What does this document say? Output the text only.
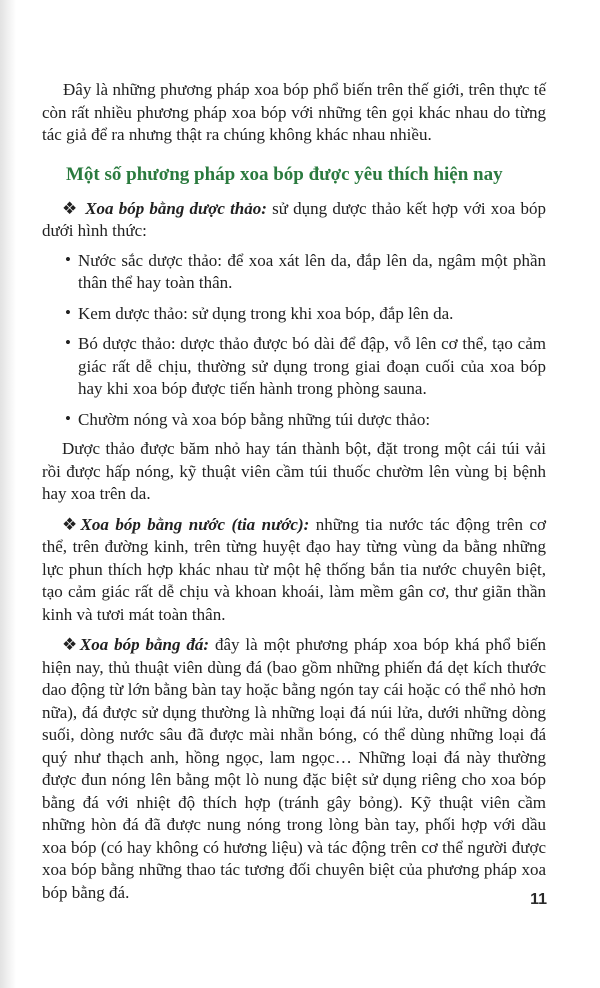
Đây là những phương pháp xoa bóp phổ biến trên thế giới, trên thực tế còn rất nhiều phương pháp xoa bóp với những tên gọi khác nhau do từng tác giả để ra nhưng thật ra chúng không khác nhau nhiều.

Một số phương pháp xoa bóp được yêu thích hiện nay

❖ Xoa bóp bằng dược thảo: sử dụng dược thảo kết hợp với xoa bóp dưới hình thức:

• Nước sắc dược thảo: để xoa xát lên da, đắp lên da, ngâm một phần thân thể hay toàn thân.
• Kem dược thảo: sử dụng trong khi xoa bóp, đắp lên da.
• Bó dược thảo: dược thảo được bó dài để đập, vỗ lên cơ thể, tạo cảm giác rất dễ chịu, thường sử dụng trong giai đoạn cuối của xoa bóp hay khi xoa bóp được tiến hành trong phòng sauna.
• Chườm nóng và xoa bóp bằng những túi dược thảo:

Dược thảo được băm nhỏ hay tán thành bột, đặt trong một cái túi vải rồi được hấp nóng, kỹ thuật viên cầm túi thuốc chườm lên vùng bị bệnh hay xoa trên da.

❖Xoa bóp bằng nước (tia nước): những tia nước tác động trên cơ thể, trên đường kinh, trên từng huyệt đạo hay từng vùng da bằng những lực phun thích hợp khác nhau từ một hệ thống bắn tia nước chuyên biệt, tạo cảm giác rất dễ chịu và khoan khoái, làm mềm gân cơ, thư giãn thần kinh và tươi mát toàn thân.

❖Xoa bóp bằng đá: đây là một phương pháp xoa bóp khá phổ biến hiện nay, thủ thuật viên dùng đá (bao gồm những phiến đá dẹt kích thước dao động từ lớn bằng bàn tay hoặc bằng ngón tay cái hoặc có thể nhỏ hơn nữa), đá được sử dụng thường là những loại đá núi lửa, dưới những dòng suối, dòng nước sâu đã được mài nhẵn bóng, có thể dùng những loại đá quý như thạch anh, hồng ngọc, lam ngọc… Những loại đá này thường được đun nóng lên bằng một lò nung đặc biệt sử dụng riêng cho xoa bóp bằng đá với nhiệt độ thích hợp (tránh gây bỏng). Kỹ thuật viên cầm những hòn đá đã được nung nóng trong lòng bàn tay, phối hợp với dầu xoa bóp (có hay không có hương liệu) và tác động trên cơ thể người được xoa bóp bằng những thao tác tương đối chuyên biệt của phương pháp xoa bóp bằng đá.	11
